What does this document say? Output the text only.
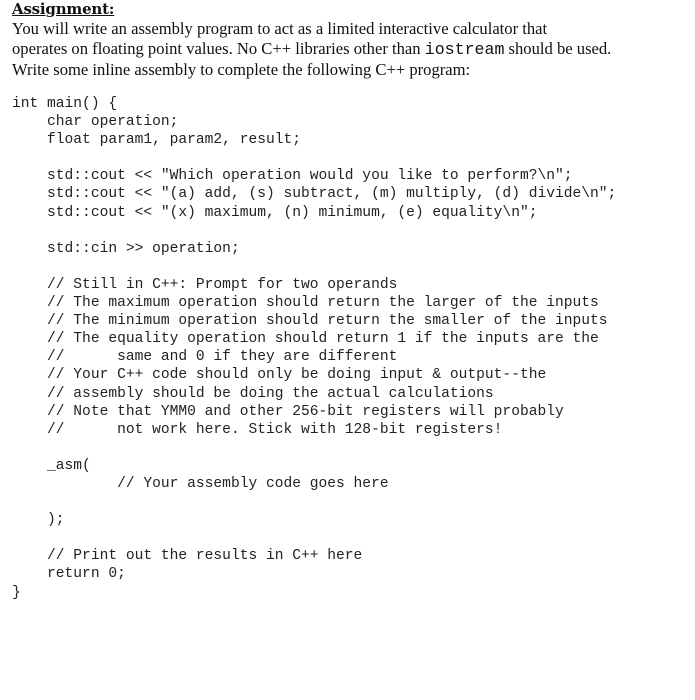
Assignment:
You will write an assembly program to act as a limited interactive calculator that
operates on floating point values. No C++ libraries other than iostream should be used.
Write some inline assembly to complete the following C++ program:
int main() {
char operation;
float param1, param2, result;
std::cout << "Which operation would you like to perform?\n";
std::cout << "(a) add, (s) subtract, (m) multiply, (d) divide\n";
std::cout << "(x) maximum, (n) minimum, (e) equality\n";
std::cin >> operation;
// Still in C++: Prompt for two operands
// The maximum operation should return the larger of the inputs
// The minimum operation should return the smaller of the inputs
// The equality operation should return 1 if the inputs are the
//      same and 0 if they are different
// Your C++ code should only be doing input & output--the
// assembly should be doing the actual calculations
// Note that YMM0 and other 256-bit registers will probably
//      not work here. Stick with 128-bit registers!
_asm(
// Your assembly code goes here
);
// Print out the results in C++ here
return 0;
}
